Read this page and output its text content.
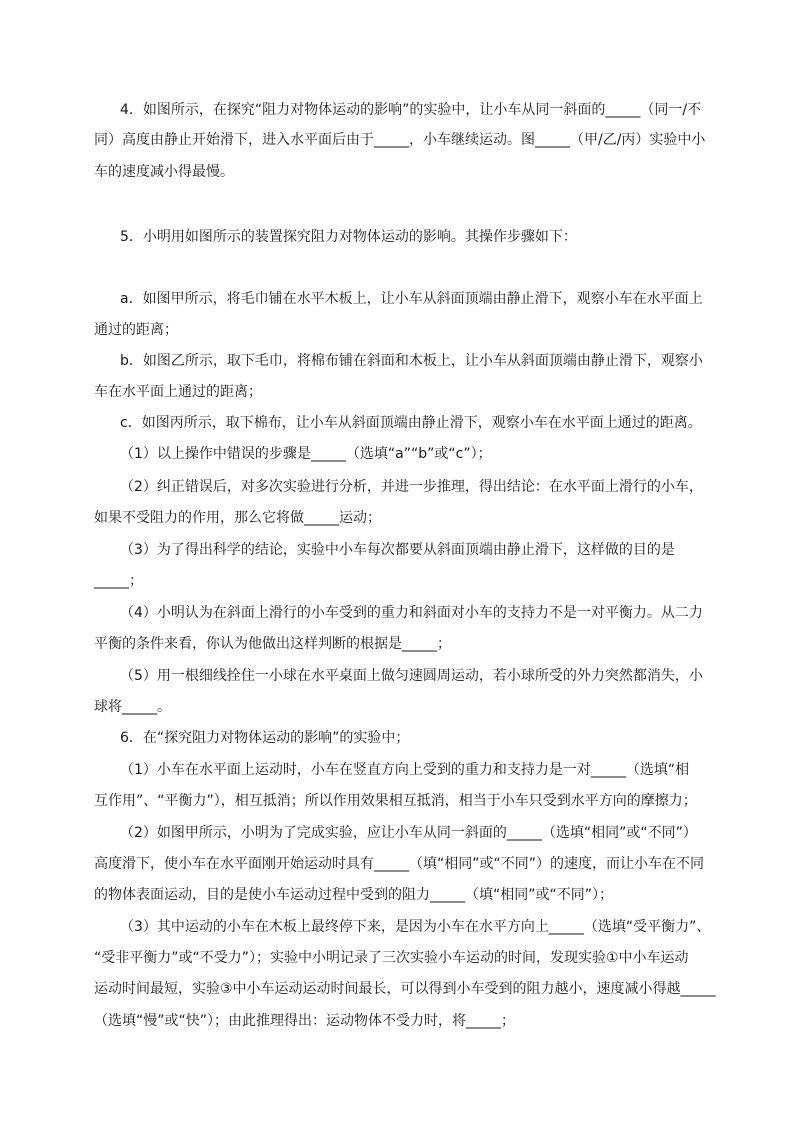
4．如图所示，在探究“阻力对物体运动的影响”的实验中，让小车从同一斜面的_____（同一/不
同）高度由静止开始滑下，进入水平面后由于_____，小车继续运动。图_____（甲/乙/丙）实验中小
车的速度减小得最慢。
5．小明用如图所示的装置探究阻力对物体运动的影响。其操作步骤如下：
a．如图甲所示，将毛巾铺在水平木板上，让小车从斜面顶端由静止滑下，观察小车在水平面上
通过的距离；
b．如图乙所示，取下毛巾，将棉布铺在斜面和木板上，让小车从斜面顶端由静止滑下，观察小
车在水平面上通过的距离；
c．如图丙所示，取下棉布，让小车从斜面顶端由静止滑下，观察小车在水平面上通过的距离。
（1）以上操作中错误的步骤是_____（选填“a”“b”或“c”）；
（2）纠正错误后，对多次实验进行分析，并进一步推理，得出结论：在水平面上滑行的小车，
如果不受阻力的作用，那么它将做_____运动；
（3）为了得出科学的结论，实验中小车每次都要从斜面顶端由静止滑下，这样做的目的是
_____；
（4）小明认为在斜面上滑行的小车受到的重力和斜面对小车的支持力不是一对平衡力。从二力
平衡的条件来看，你认为他做出这样判断的根据是_____；
（5）用一根细线拴住一小球在水平桌面上做匀速圆周运动，若小球所受的外力突然都消失，小
球将_____。
6．在“探究阻力对物体运动的影响”的实验中；
（1）小车在水平面上运动时，小车在竖直方向上受到的重力和支持力是一对_____（选填“相
互作用”、“平衡力”），相互抵消；所以作用效果相互抵消，相当于小车只受到水平方向的摩擦力；
（2）如图甲所示，小明为了完成实验，应让小车从同一斜面的_____（选填“相同”或“不同”）
高度滑下，使小车在水平面刚开始运动时具有_____（填“相同”或“不同”）的速度，而让小车在不同
的物体表面运动，目的是使小车运动过程中受到的阻力_____（填“相同”或“不同”）；
（3）其中运动的小车在木板上最终停下来，是因为小车在水平方向上_____（选填“受平衡力”、
“受非平衡力”或“不受力”）；实验中小明记录了三次实验小车运动的时间，发现实验①中小车运动
运动时间最短，实验③中小车运动运动时间最长，可以得到小车受到的阻力越小，速度减小得越_____
（选填“慢”或“快”）；由此推理得出：运动物体不受力时，将_____；
